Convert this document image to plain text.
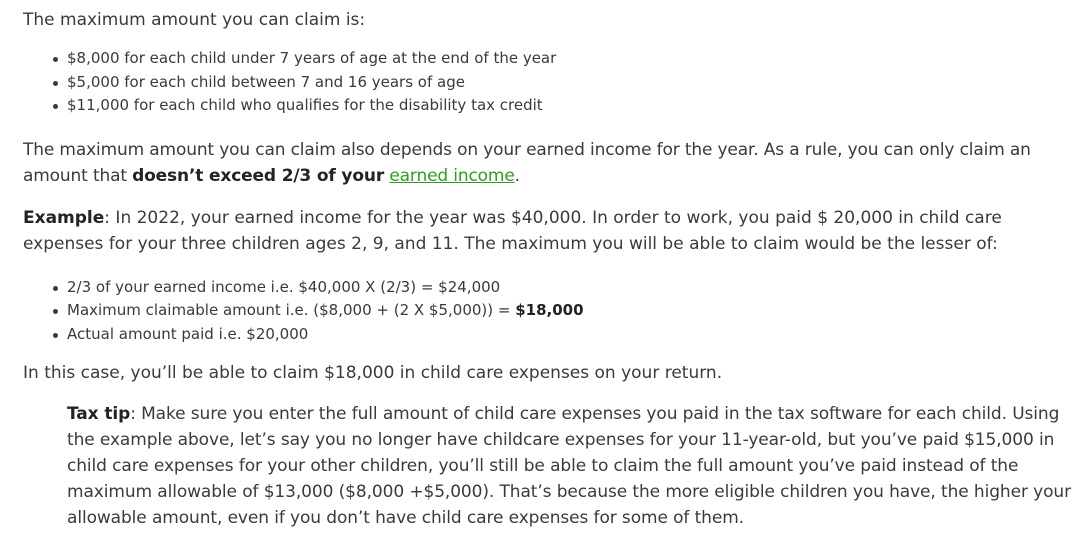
The maximum amount you can claim is:

$8,000 for each child under 7 years of age at the end of the year
$5,000 for each child between 7 and 16 years of age
$11,000 for each child who qualifies for the disability tax credit

The maximum amount you can claim also depends on your earned income for the year. As a rule, you can only claim an amount that doesn’t exceed 2/3 of your earned income.

Example: In 2022, your earned income for the year was $40,000. In order to work, you paid $ 20,000 in child care expenses for your three children ages 2, 9, and 11. The maximum you will be able to claim would be the lesser of:

2/3 of your earned income i.e. $40,000 X (2/3) = $24,000
Maximum claimable amount i.e. ($8,000 + (2 X $5,000)) = $18,000
Actual amount paid i.e. $20,000

In this case, you’ll be able to claim $18,000 in child care expenses on your return.

Tax tip: Make sure you enter the full amount of child care expenses you paid in the tax software for each child. Using the example above, let’s say you no longer have childcare expenses for your 11-year-old, but you’ve paid $15,000 in child care expenses for your other children, you’ll still be able to claim the full amount you’ve paid instead of the maximum allowable of $13,000 ($8,000 +$5,000). That’s because the more eligible children you have, the higher your allowable amount, even if you don’t have child care expenses for some of them.
